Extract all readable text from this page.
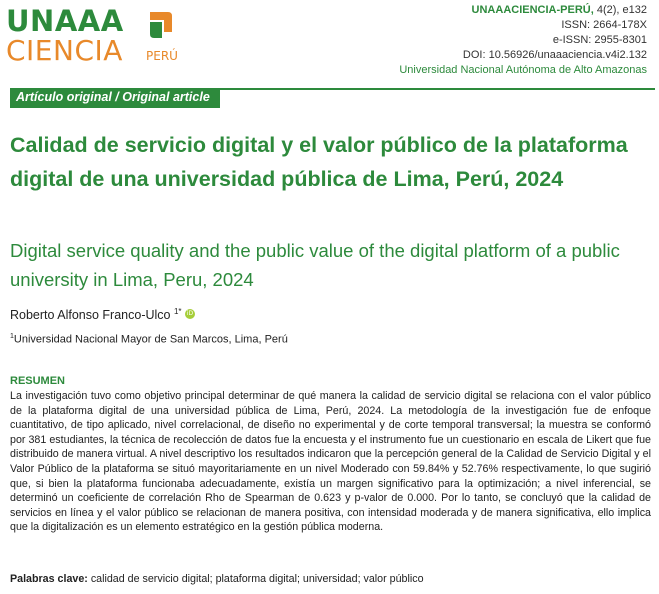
UNAAA
CIENCIA PERÚ
UNAAACIENCIA-PERÚ, 4(2), e132
ISSN: 2664-178X
e-ISSN: 2955-8301
DOI: 10.56926/unaaaciencia.v4i2.132
Universidad Nacional Autónoma de Alto Amazonas
Artículo original / Original article
Calidad de servicio digital y el valor público de la plataforma digital de una universidad pública de Lima, Perú, 2024
Digital service quality and the public value of the digital platform of a public university in Lima, Peru, 2024
Roberto Alfonso Franco-Ulco $^{1*}$ iD
$^1$Universidad Nacional Mayor de San Marcos, Lima, Perú
RESUMEN
La investigación tuvo como objetivo principal determinar de qué manera la calidad de servicio digital se relaciona con el valor público de la plataforma digital de una universidad pública de Lima, Perú, 2024. La metodología de la investigación fue de enfoque cuantitativo, de tipo aplicado, nivel correlacional, de diseño no experimental y de corte temporal transversal; la muestra se conformó por 381 estudiantes, la técnica de recolección de datos fue la encuesta y el instrumento fue un cuestionario en escala de Likert que fue distribuido de manera virtual. A nivel descriptivo los resultados indicaron que la percepción general de la Calidad de Servicio Digital y el Valor Público de la plataforma se situó mayoritariamente en un nivel Moderado con 59.84% y 52.76% respectivamente, lo que sugirió que, si bien la plataforma funcionaba adecuadamente, existía un margen significativo para la optimización; a nivel inferencial, se determinó un coeficiente de correlación Rho de Spearman de 0.623 y p-valor de 0.000. Por lo tanto, se concluyó que la calidad de servicios en línea y el valor público se relacionan de manera positiva, con intensidad moderada y de manera significativa, ello implica que la digitalización es un elemento estratégico en la gestión pública moderna.
Palabras clave: calidad de servicio digital; plataforma digital; universidad; valor público
